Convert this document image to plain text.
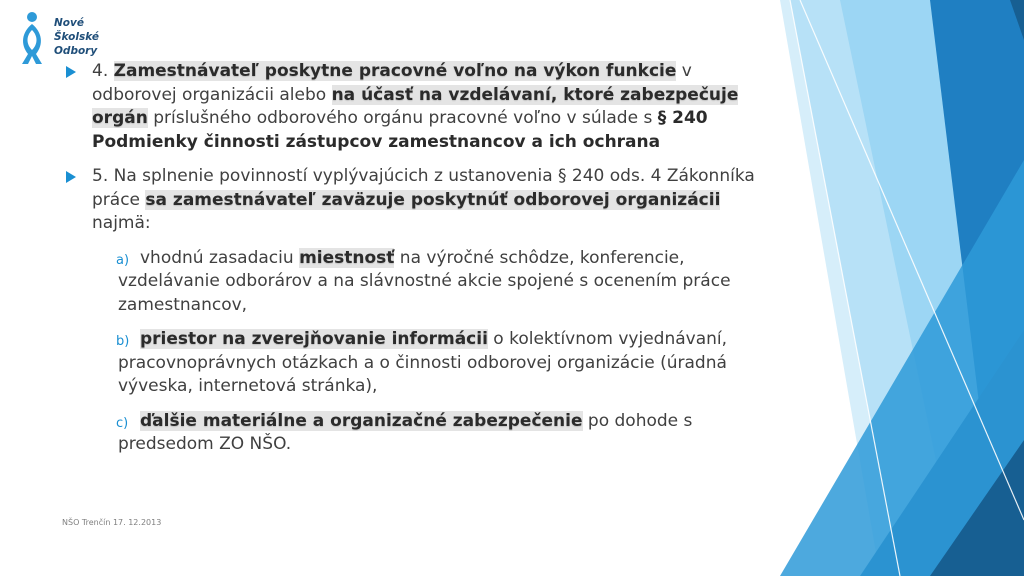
Nové
Školské
Odbory
4. Zamestnávateľ poskytne pracovné voľno na výkon funkcie v odborovej organizácii alebo na účasť na vzdelávaní, ktoré zabezpečuje orgán príslušného odborového orgánu pracovné voľno v súlade s § 240 Podmienky činnosti zástupcov zamestnancov a ich ochrana
5. Na splnenie povinností vyplývajúcich z ustanovenia § 240 ods. 4 Zákonníka práce sa zamestnávateľ zaväzuje poskytnúť odborovej organizácii najmä:
a) vhodnú zasadaciu miestnosť na výročné schôdze, konferencie, vzdelávanie odborárov a na slávnostné akcie spojené s ocenením práce zamestnancov,
b) priestor na zverejňovanie informácii o kolektívnom vyjednávaní, pracovnoprávnych otázkach a o činnosti odborovej organizácie (úradná výveska, internetová stránka),
c) ďalšie materiálne a organizačné zabezpečenie po dohode s predsedom ZO NŠO.
NŠO Trenčín 17. 12.2013
